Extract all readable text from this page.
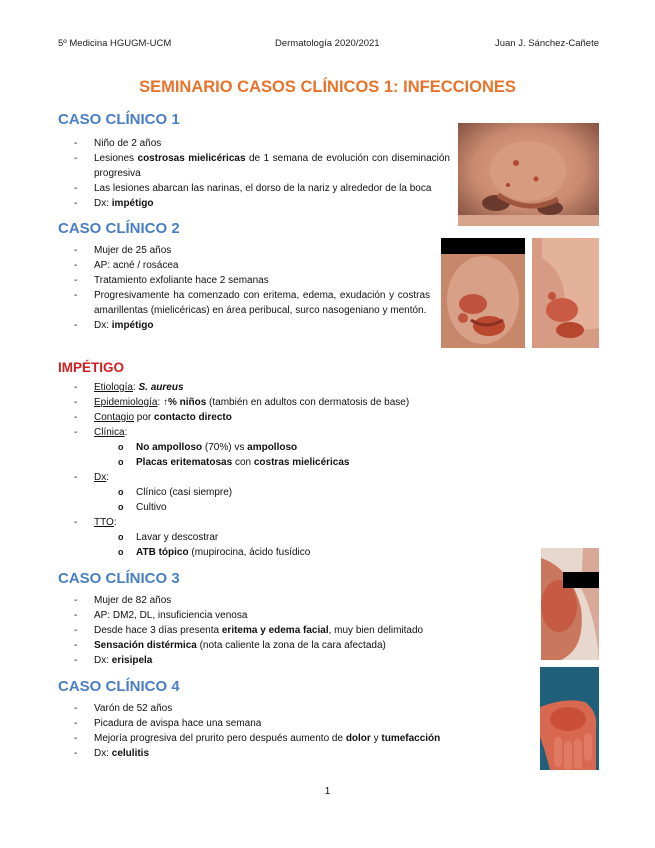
5º Medicina HGUGM-UCM	Dermatología 2020/2021	Juan J. Sánchez-Cañete
SEMINARIO CASOS CLÍNICOS 1: INFECCIONES
CASO CLÍNICO 1
- Niño de 2 años
- Lesiones costrosas mielicéricas de 1 semana de evolución con diseminación progresiva
- Las lesiones abarcan las narinas, el dorso de la nariz y alrededor de la boca
- Dx: impétigo
CASO CLÍNICO 2
- Mujer de 25 años
- AP: acné / rosácea
- Tratamiento exfoliante hace 2 semanas
- Progresivamente ha comenzado con eritema, edema, exudación y costras amarillentas (mielicéricas) en área peribucal, surco nasogeniano y mentón.
- Dx: impétigo
IMPÉTIGO
- Etiología: S. aureus
- Epidemiología: ↑% niños (también en adultos con dermatosis de base)
- Contagio por contacto directo
- Clínica:
o No ampolloso (70%) vs ampolloso
o Placas eritematosas con costras mielicéricas
- Dx:
o Clínico (casi siempre)
o Cultivo
- TTO:
o Lavar y descostrar
o ATB tópico (mupirocina, ácido fusídico
CASO CLÍNICO 3
- Mujer de 82 años
- AP: DM2, DL, insuficiencia venosa
- Desde hace 3 días presenta eritema y edema facial, muy bien delimitado
- Sensación distérmica (nota caliente la zona de la cara afectada)
- Dx: erisipela
CASO CLÍNICO 4
- Varón de 52 años
- Picadura de avispa hace una semana
- Mejoría progresiva del prurito pero después aumento de dolor y tumefacción
- Dx: celulitis
1
